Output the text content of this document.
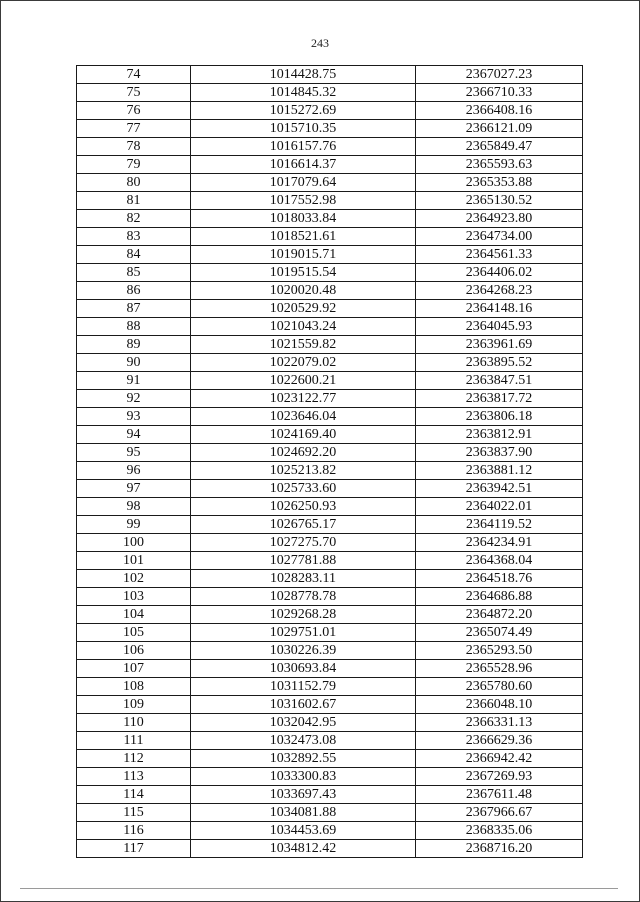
243
74	1014428.75	2367027.23
75	1014845.32	2366710.33
76	1015272.69	2366408.16
77	1015710.35	2366121.09
78	1016157.76	2365849.47
79	1016614.37	2365593.63
80	1017079.64	2365353.88
81	1017552.98	2365130.52
82	1018033.84	2364923.80
83	1018521.61	2364734.00
84	1019015.71	2364561.33
85	1019515.54	2364406.02
86	1020020.48	2364268.23
87	1020529.92	2364148.16
88	1021043.24	2364045.93
89	1021559.82	2363961.69
90	1022079.02	2363895.52
91	1022600.21	2363847.51
92	1023122.77	2363817.72
93	1023646.04	2363806.18
94	1024169.40	2363812.91
95	1024692.20	2363837.90
96	1025213.82	2363881.12
97	1025733.60	2363942.51
98	1026250.93	2364022.01
99	1026765.17	2364119.52
100	1027275.70	2364234.91
101	1027781.88	2364368.04
102	1028283.11	2364518.76
103	1028778.78	2364686.88
104	1029268.28	2364872.20
105	1029751.01	2365074.49
106	1030226.39	2365293.50
107	1030693.84	2365528.96
108	1031152.79	2365780.60
109	1031602.67	2366048.10
110	1032042.95	2366331.13
111	1032473.08	2366629.36
112	1032892.55	2366942.42
113	1033300.83	2367269.93
114	1033697.43	2367611.48
115	1034081.88	2367966.67
116	1034453.69	2368335.06
117	1034812.42	2368716.20
